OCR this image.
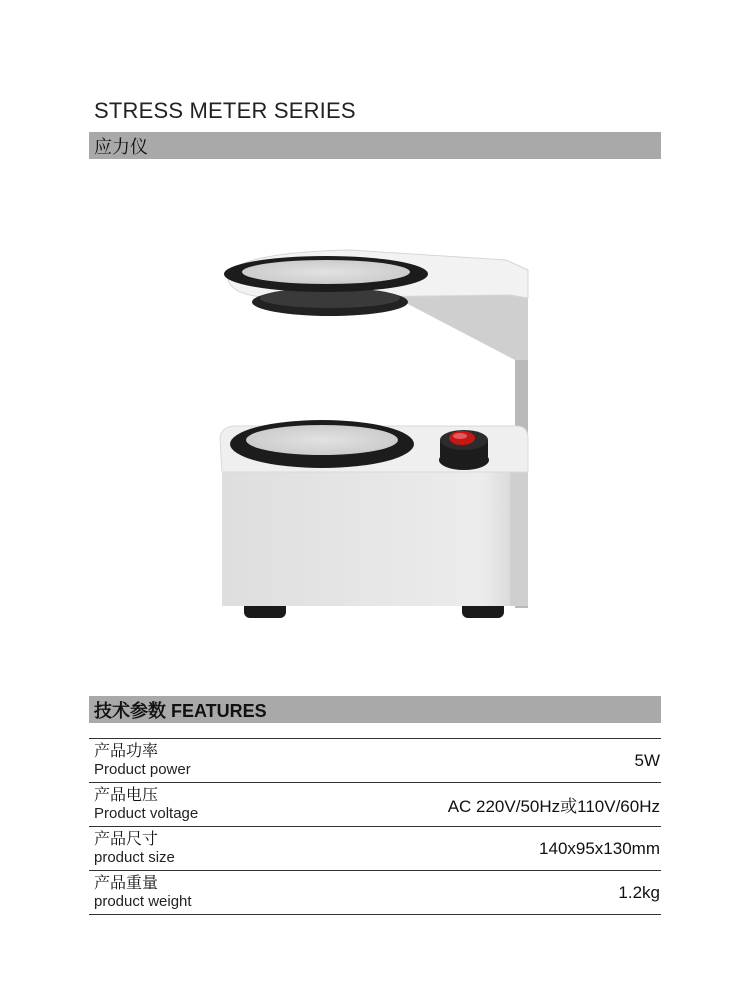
STRESS METER SERIES
应力仪
技术参数 FEATURES
产品功率
Product power	5W
产品电压
Product voltage	AC 220V/50Hz或110V/60Hz
产品尺寸
product size	140x95x130mm
产品重量
product weight	1.2kg
